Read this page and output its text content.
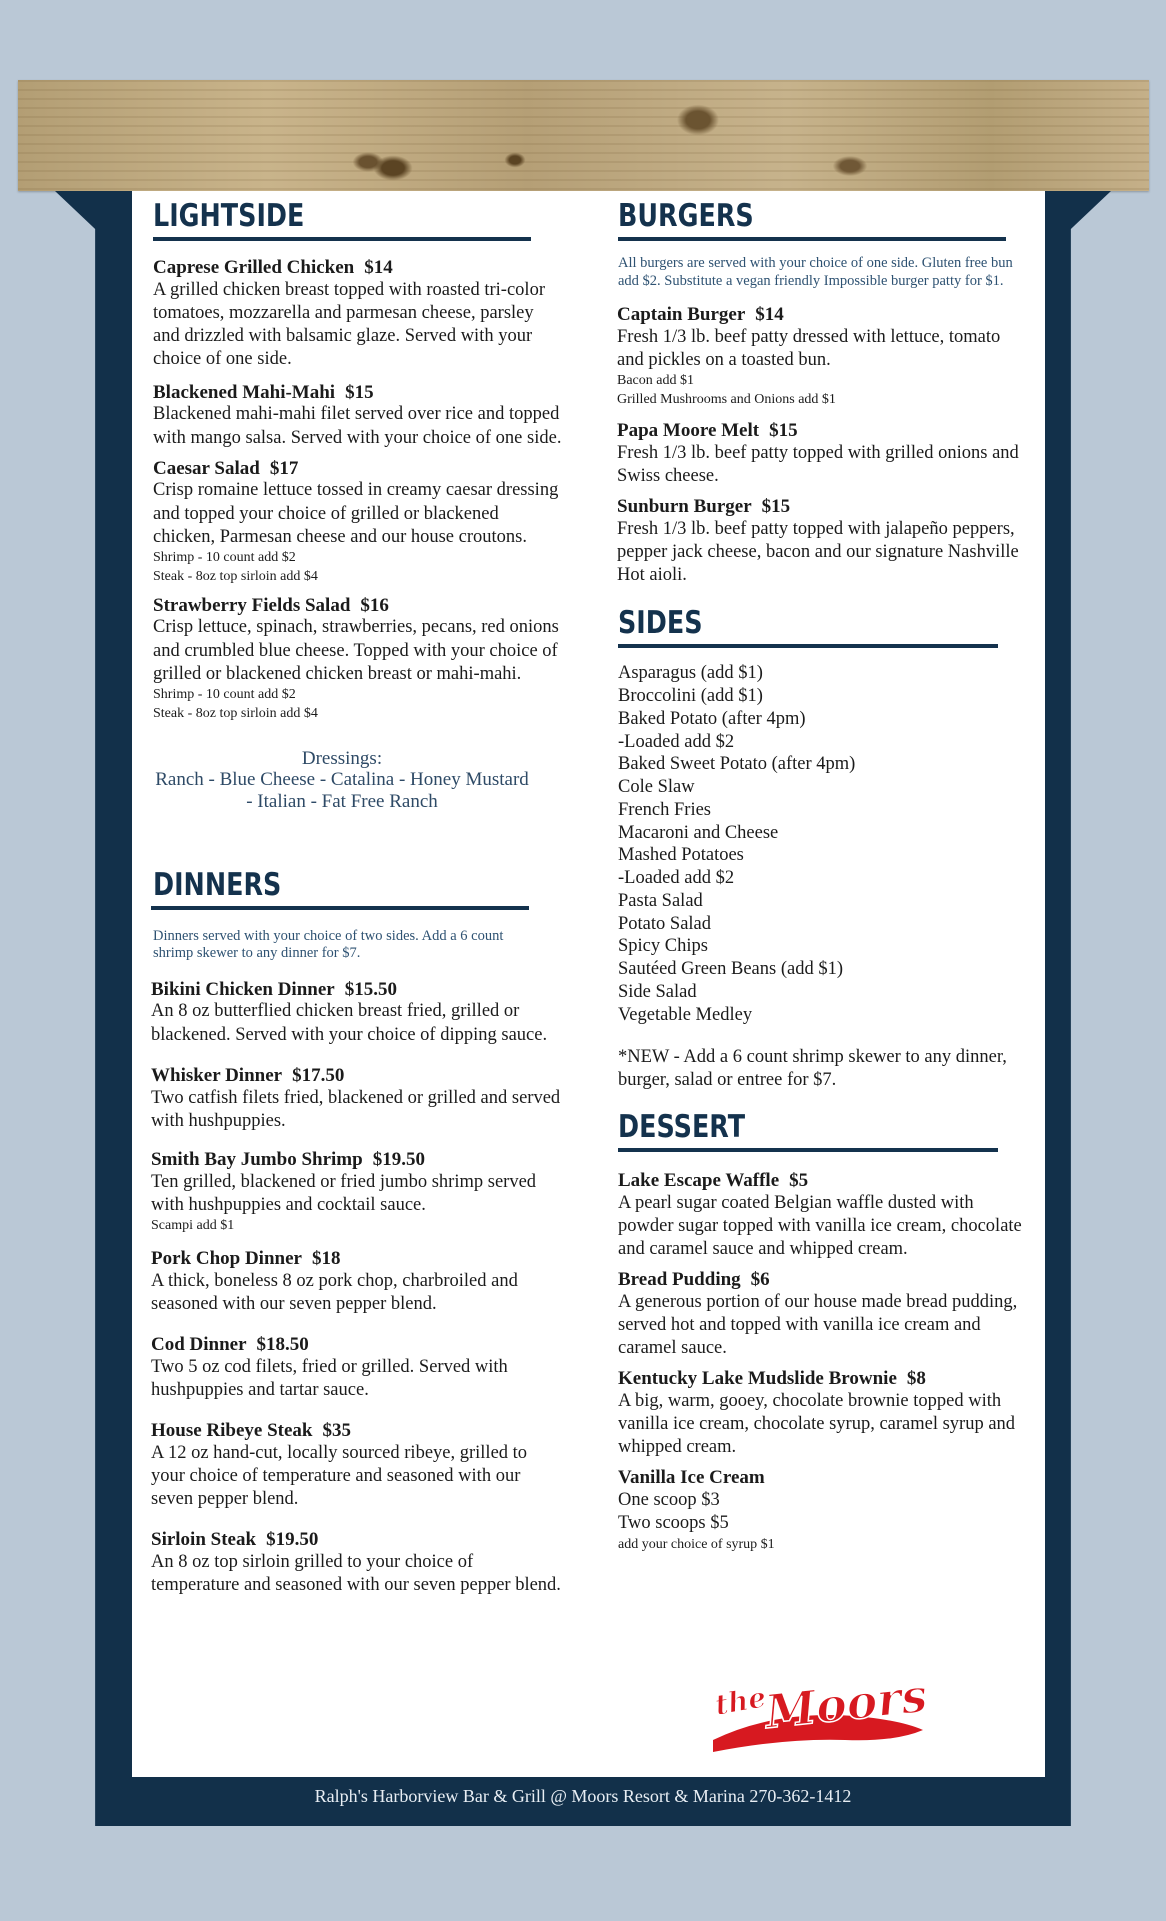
LIGHTSIDE
Caprese Grilled Chicken $14
A grilled chicken breast topped with roasted tri-color tomatoes, mozzarella and parmesan cheese, parsley and drizzled with balsamic glaze. Served with your choice of one side.
Blackened Mahi-Mahi $15
Blackened mahi-mahi filet served over rice and topped with mango salsa. Served with your choice of one side.
Caesar Salad $17
Crisp romaine lettuce tossed in creamy caesar dressing and topped your choice of grilled or blackened chicken, Parmesan cheese and our house croutons.
Shrimp - 10 count add $2
Steak - 8oz top sirloin add $4
Strawberry Fields Salad $16
Crisp lettuce, spinach, strawberries, pecans, red onions and crumbled blue cheese. Topped with your choice of grilled or blackened chicken breast or mahi-mahi.
Shrimp - 10 count add $2
Steak - 8oz top sirloin add $4
Dressings:
Ranch - Blue Cheese - Catalina - Honey Mustard - Italian - Fat Free Ranch
DINNERS
Dinners served with your choice of two sides. Add a 6 count shrimp skewer to any dinner for $7.
Bikini Chicken Dinner $15.50
An 8 oz butterflied chicken breast fried, grilled or blackened. Served with your choice of dipping sauce.
Whisker Dinner $17.50
Two catfish filets fried, blackened or grilled and served with hushpuppies.
Smith Bay Jumbo Shrimp $19.50
Ten grilled, blackened or fried jumbo shrimp served with hushpuppies and cocktail sauce.
Scampi add $1
Pork Chop Dinner $18
A thick, boneless 8 oz pork chop, charbroiled and seasoned with our seven pepper blend.
Cod Dinner $18.50
Two 5 oz cod filets, fried or grilled. Served with hushpuppies and tartar sauce.
House Ribeye Steak $35
A 12 oz hand-cut, locally sourced ribeye, grilled to your choice of temperature and seasoned with our seven pepper blend.
Sirloin Steak $19.50
An 8 oz top sirloin grilled to your choice of temperature and seasoned with our seven pepper blend.
BURGERS
All burgers are served with your choice of one side. Gluten free bun add $2. Substitute a vegan friendly Impossible burger patty for $1.
Captain Burger $14
Fresh 1/3 lb. beef patty dressed with lettuce, tomato and pickles on a toasted bun.
Bacon add $1
Grilled Mushrooms and Onions add $1
Papa Moore Melt $15
Fresh 1/3 lb. beef patty topped with grilled onions and Swiss cheese.
Sunburn Burger $15
Fresh 1/3 lb. beef patty topped with jalapeño peppers, pepper jack cheese, bacon and our signature Nashville Hot aioli.
SIDES
Asparagus (add $1)
Broccolini (add $1)
Baked Potato (after 4pm)
-Loaded add $2
Baked Sweet Potato (after 4pm)
Cole Slaw
French Fries
Macaroni and Cheese
Mashed Potatoes
-Loaded add $2
Pasta Salad
Potato Salad
Spicy Chips
Sautéed Green Beans (add $1)
Side Salad
Vegetable Medley
*NEW - Add a 6 count shrimp skewer to any dinner, burger, salad or entree for $7.
DESSERT
Lake Escape Waffle $5
A pearl sugar coated Belgian waffle dusted with powder sugar topped with vanilla ice cream, chocolate and caramel sauce and whipped cream.
Bread Pudding $6
A generous portion of our house made bread pudding, served hot and topped with vanilla ice cream and caramel sauce.
Kentucky Lake Mudslide Brownie $8
A big, warm, gooey, chocolate brownie topped with vanilla ice cream, chocolate syrup, caramel syrup and whipped cream.
Vanilla Ice Cream
One scoop $3
Two scoops $5
add your choice of syrup $1
the
Moors
Ralph's Harborview Bar & Grill @ Moors Resort & Marina 270-362-1412
